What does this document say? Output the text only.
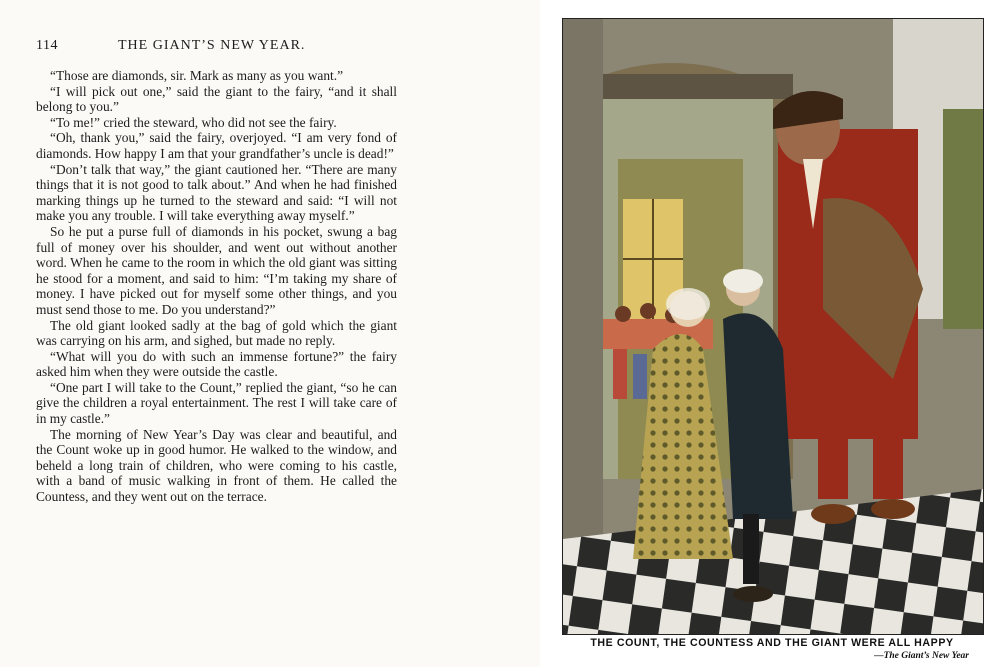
114	THE GIANT’S NEW YEAR.

“Those are diamonds, sir. Mark as many as you want.”

“I will pick out one,” said the giant to the fairy, “and it shall belong to you.”

“To me!” cried the steward, who did not see the fairy.

“Oh, thank you,” said the fairy, overjoyed. “I am very fond of diamonds. How happy I am that your grandfather’s uncle is dead!”

“Don’t talk that way,” the giant cautioned her. “There are many things that it is not good to talk about.” And when he had finished marking things up he turned to the steward and said: “I will not make you any trouble. I will take everything away myself.”

So he put a purse full of diamonds in his pocket, swung a bag full of money over his shoulder, and went out without another word. When he came to the room in which the old giant was sitting he stood for a moment, and said to him: “I’m taking my share of money. I have picked out for myself some other things, and you must send those to me. Do you understand?”

The old giant looked sadly at the bag of gold which the giant was carrying on his arm, and sighed, but made no reply.

“What will you do with such an immense fortune?” the fairy asked him when they were outside the castle.

“One part I will take to the Count,” replied the giant, “so he can give the children a royal entertainment. The rest I will take care of in my castle.”

The morning of New Year’s Day was clear and beautiful, and the Count woke up in good humor. He walked to the window, and beheld a long train of children, who were coming to his castle, with a band of music walking in front of them. He called the Countess, and they went out on the terrace.

THE COUNT, THE COUNTESS AND THE GIANT WERE ALL HAPPY
—The Giant’s New Year
